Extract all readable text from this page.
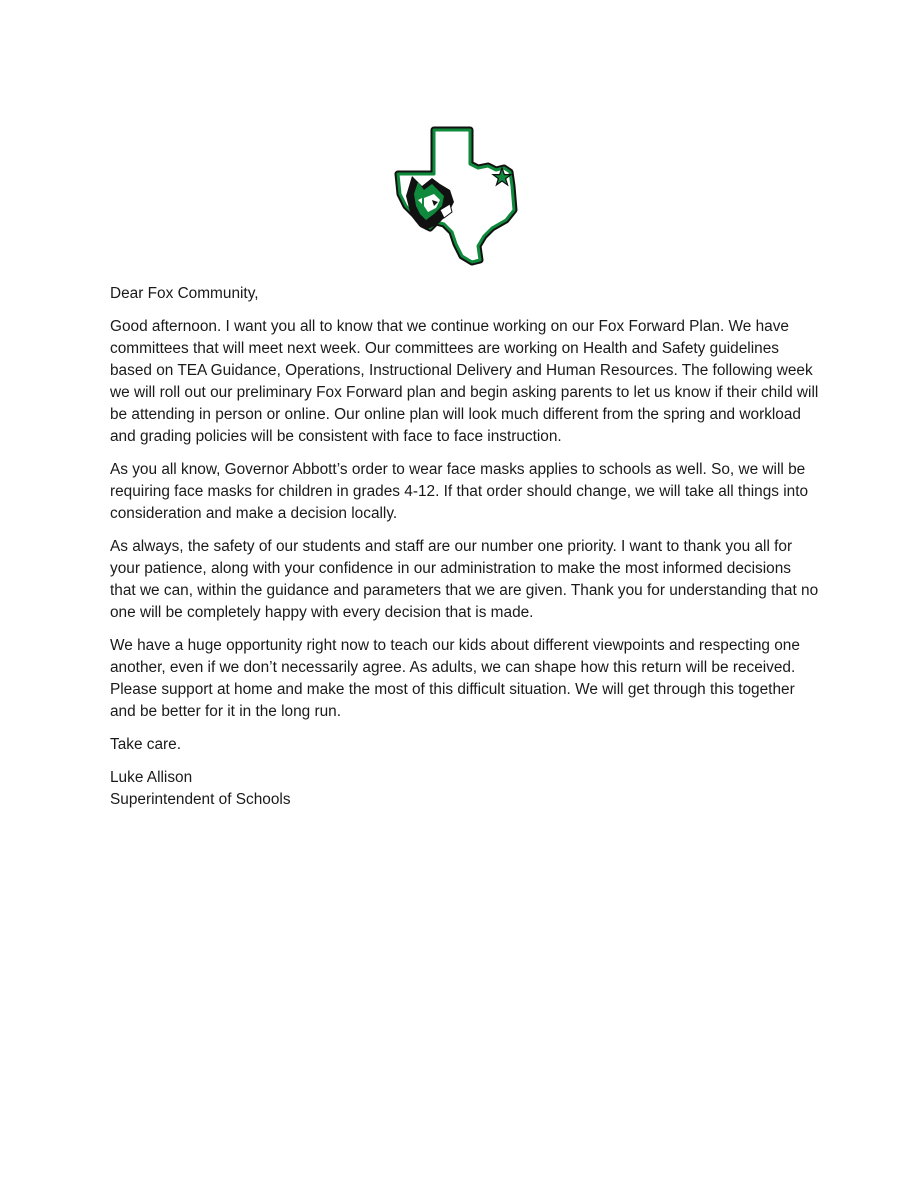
Dear Fox Community,

Good afternoon. I want you all to know that we continue working on our Fox Forward Plan. We have committees that will meet next week. Our committees are working on Health and Safety guidelines based on TEA Guidance, Operations, Instructional Delivery and Human Resources. The following week we will roll out our preliminary Fox Forward plan and begin asking parents to let us know if their child will be attending in person or online. Our online plan will look much different from the spring and workload and grading policies will be consistent with face to face instruction.

As you all know, Governor Abbott’s order to wear face masks applies to schools as well. So, we will be requiring face masks for children in grades 4-12. If that order should change, we will take all things into consideration and make a decision locally.

As always, the safety of our students and staff are our number one priority. I want to thank you all for your patience, along with your confidence in our administration to make the most informed decisions that we can, within the guidance and parameters that we are given. Thank you for understanding that no one will be completely happy with every decision that is made.

We have a huge opportunity right now to teach our kids about different viewpoints and respecting one another, even if we don’t necessarily agree. As adults, we can shape how this return will be received. Please support at home and make the most of this difficult situation. We will get through this together and be better for it in the long run.

Take care.

Luke Allison

Superintendent of Schools
